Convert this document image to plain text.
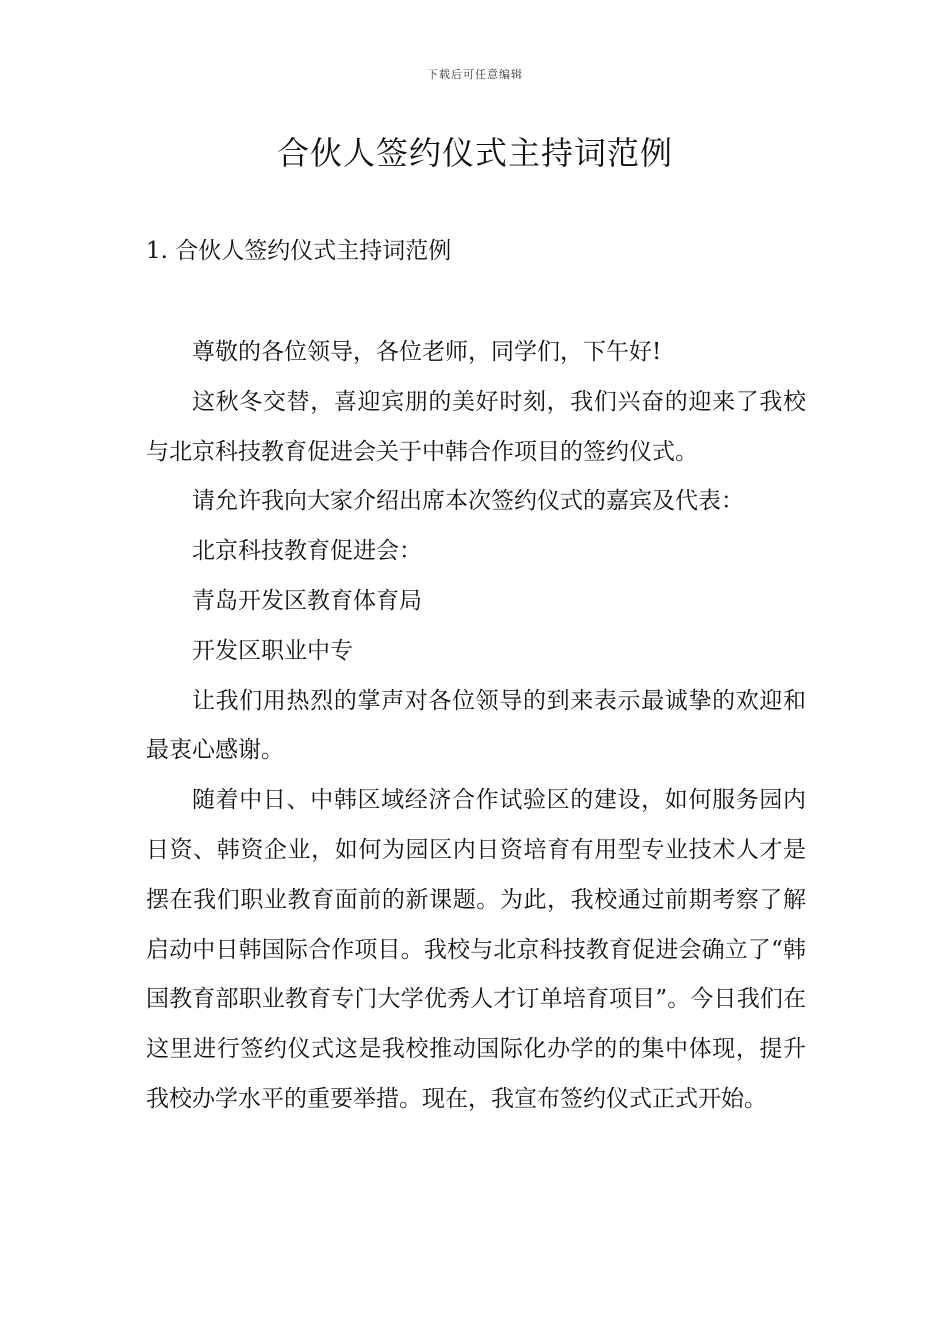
下载后可任意编辑
合伙人签约仪式主持词范例
1. 合伙人签约仪式主持词范例

尊敬的各位领导，各位老师，同学们，下午好!

这秋冬交替，喜迎宾朋的美好时刻，我们兴奋的迎来了我校与北京科技教育促进会关于中韩合作项目的签约仪式。

请允许我向大家介绍出席本次签约仪式的嘉宾及代表：

北京科技教育促进会：

青岛开发区教育体育局

开发区职业中专

让我们用热烈的掌声对各位领导的到来表示最诚挚的欢迎和最衷心感谢。

随着中日、中韩区域经济合作试验区的建设，如何服务园内日资、韩资企业，如何为园区内日资培育有用型专业技术人才是摆在我们职业教育面前的新课题。为此，我校通过前期考察了解启动中日韩国际合作项目。我校与北京科技教育促进会确立了“韩国教育部职业教育专门大学优秀人才订单培育项目”。今日我们在这里进行签约仪式这是我校推动国际化办学的的集中体现，提升我校办学水平的重要举措。现在，我宣布签约仪式正式开始。
